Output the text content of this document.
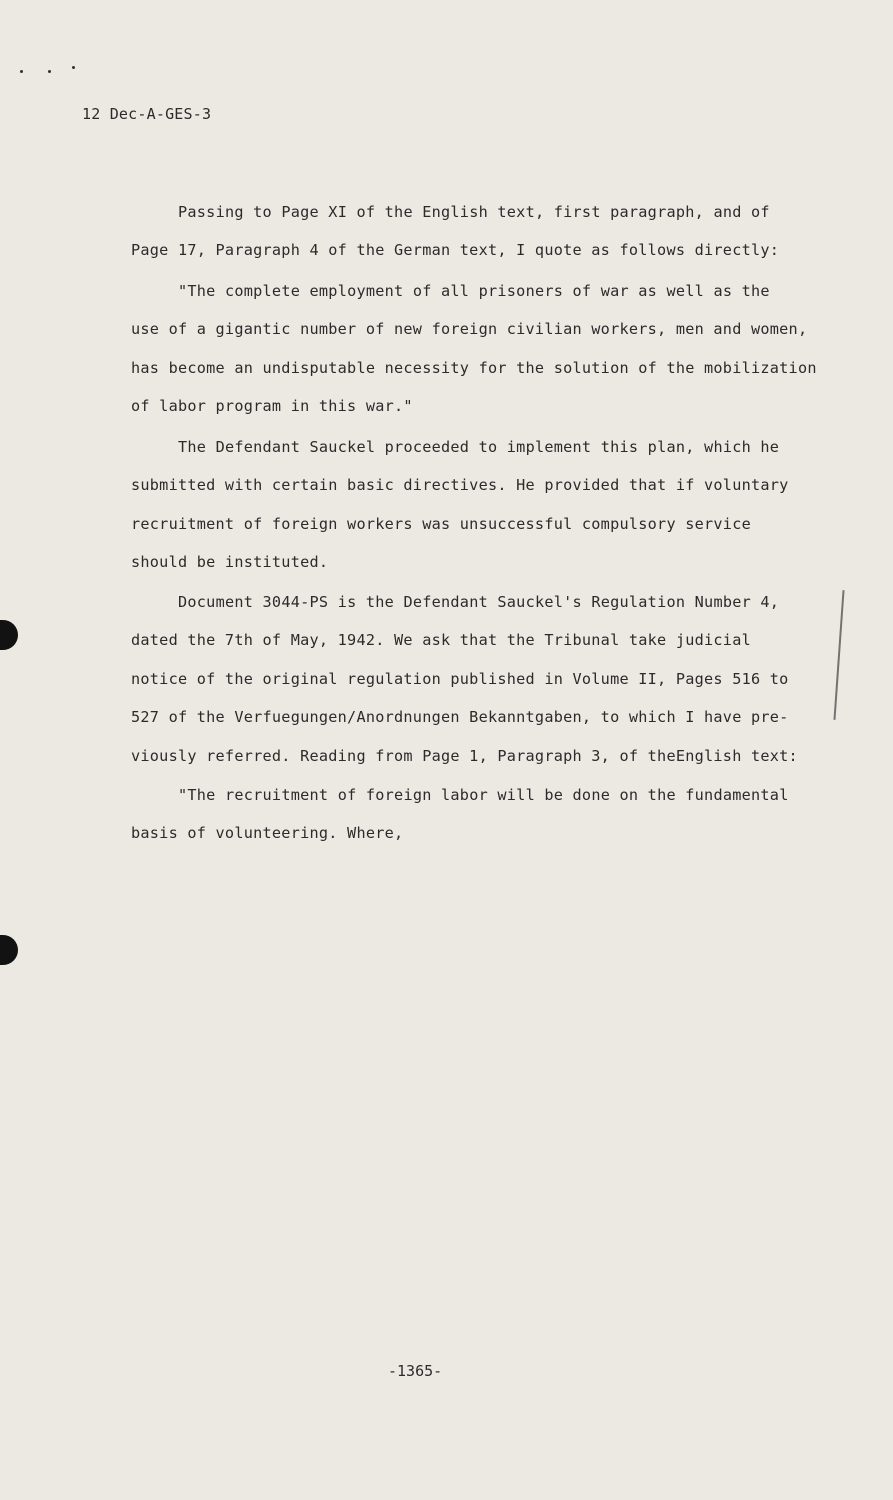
12 Dec-A-GES-3
Passing to Page XI of the English text, first paragraph, and of
Page 17, Paragraph 4 of the German text, I quote as follows directly:
"The complete employment of all prisoners of war as well as the
use of a gigantic number of new foreign civilian workers, men and women,
has become an undisputable necessity for the solution of the mobilization
of labor program in this war."
The Defendant Sauckel proceeded to implement this plan, which he
submitted with certain basic directives. He provided that if voluntary
recruitment of foreign workers was unsuccessful compulsory service
should be instituted.
Document 3044-PS is the Defendant Sauckel's Regulation Number 4,
dated the 7th of May, 1942. We ask that the Tribunal take judicial
notice of the original regulation published in Volume II, Pages 516 to
527 of the Verfuegungen/Anordnungen Bekanntgaben, to which I have pre-
viously referred. Reading from Page 1, Paragraph 3, of theEnglish text:
"The recruitment of foreign labor will be done on the fundamental
basis of volunteering. Where,
-1365-
